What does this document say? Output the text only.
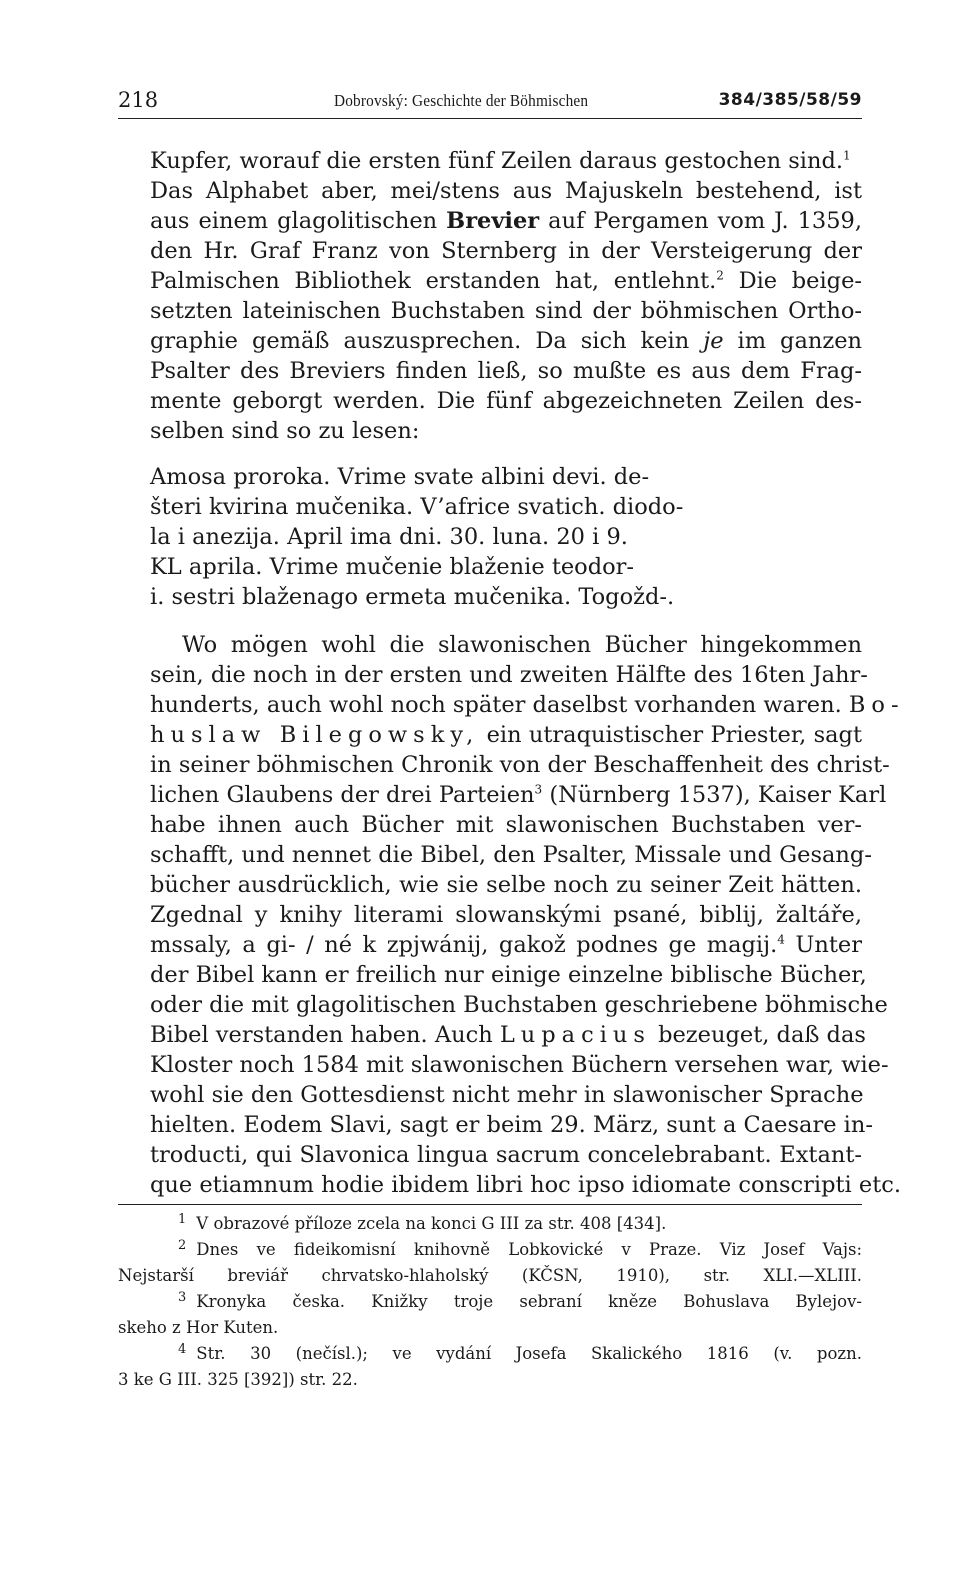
218	Dobrovský: Geschichte der Böhmischen	384/385/58/59
Kupfer, worauf die ersten fünf Zeilen daraus gestochen sind.$^1$
Das Alphabet aber, mei/stens aus Majuskeln bestehend, ist
aus einem glagolitischen Brevier auf Pergamen vom J. 1359,
den Hr. Graf Franz von Sternberg in der Versteigerung der
Palmischen Bibliothek erstanden hat, entlehnt.$^2$ Die beige-
setzten lateinischen Buchstaben sind der böhmischen Ortho-
graphie gemäß auszusprechen. Da sich kein je im ganzen
Psalter des Breviers finden ließ, so mußte es aus dem Frag-
mente geborgt werden. Die fünf abgezeichneten Zeilen des-
selben sind so zu lesen:
Amosa proroka. Vrime svate albini devi. de-
šteri kvirina mučenika. V’africe svatich. diodo-
la i anezija. April ima dni. 30. luna. 20 i 9.
KL aprila. Vrime mučenie blaženie teodor-
i. sestri blaženago ermeta mučenika. Togožd-.
Wo mögen wohl die slawonischen Bücher hingekommen
sein, die noch in der ersten und zweiten Hälfte des 16ten Jahr-
hunderts, auch wohl noch später daselbst vorhanden waren. Bo-
huslaw Bilegowsky, ein utraquistischer Priester, sagt
in seiner böhmischen Chronik von der Beschaffenheit des christ-
lichen Glaubens der drei Parteien$^3$ (Nürnberg 1537), Kaiser Karl
habe ihnen auch Bücher mit slawonischen Buchstaben ver-
schafft, und nennet die Bibel, den Psalter, Missale und Gesang-
bücher ausdrücklich, wie sie selbe noch zu seiner Zeit hätten.
Zgednal y knihy literami slowanskými psané, biblij, žaltáře,
mssaly, a gi- / né k zpjwánij, gakož podnes ge magij.$^4$ Unter
der Bibel kann er freilich nur einige einzelne biblische Bücher,
oder die mit glagolitischen Buchstaben geschriebene böhmische
Bibel verstanden haben. Auch Lupacius bezeuget, daß das
Kloster noch 1584 mit slawonischen Büchern versehen war, wie-
wohl sie den Gottesdienst nicht mehr in slawonischer Sprache
hielten. Eodem Slavi, sagt er beim 29. März, sunt a Caesare in-
troducti, qui Slavonica lingua sacrum concelebrabant. Extant-
que etiamnum hodie ibidem libri hoc ipso idiomate conscripti etc.
$^1$ V obrazové příloze zcela na konci G III za str. 408 [434].
$^2$ Dnes ve fideikomisní knihovně Lobkovické v Praze. Viz Josef Vajs:
Nejstarší breviář chrvatsko-hlaholský (KČSN, 1910), str. XLI.—XLIII.
$^3$ Kronyka česka. Knižky troje sebraní kněze Bohuslava Bylejov-
skeho z Hor Kuten.
$^4$ Str. 30 (nečísl.); ve vydání Josefa Skalického 1816 (v. pozn.
3 ke G III. 325 [392]) str. 22.
